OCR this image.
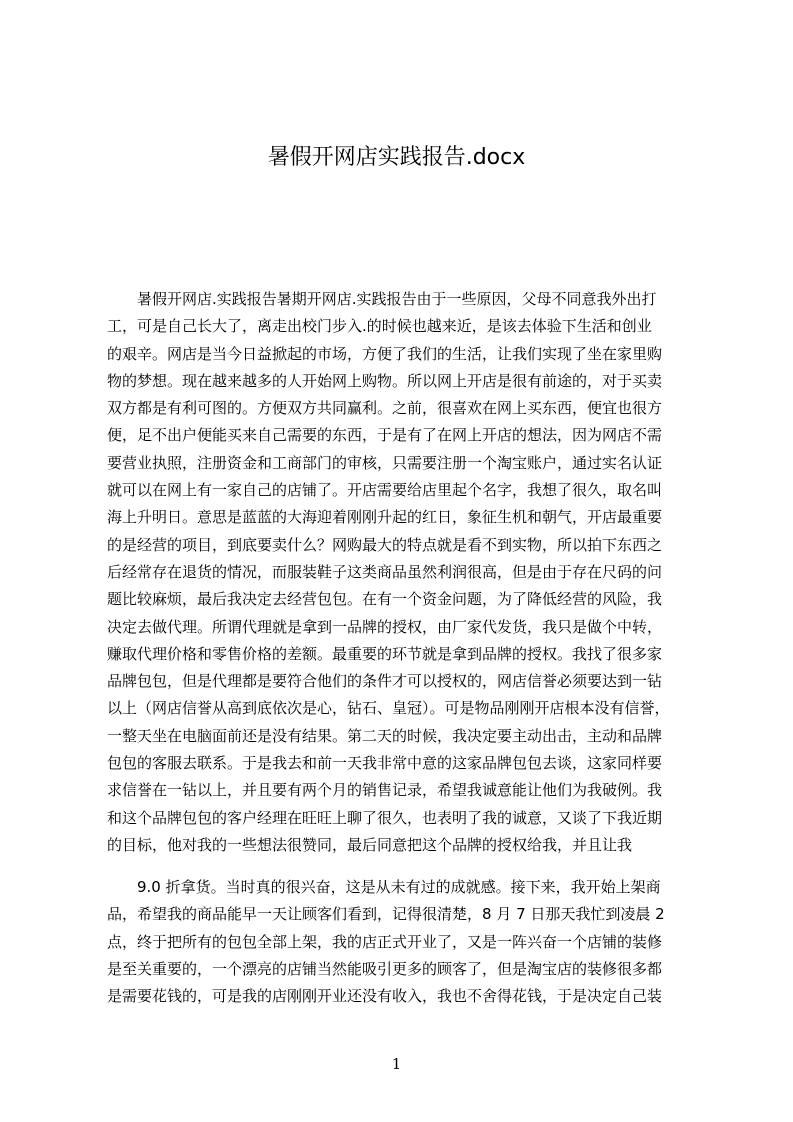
暑假开网店实践报告.docx
暑假开网店.实践报告暑期开网店.实践报告由于一些原因，父母不同意我外出打
工，可是自己长大了，离走出校门步入.的时候也越来近，是该去体验下生活和创业
的艰辛。网店是当今日益掀起的市场，方便了我们的生活，让我们实现了坐在家里购
物的梦想。现在越来越多的人开始网上购物。所以网上开店是很有前途的，对于买卖
双方都是有利可图的。方便双方共同赢利。之前，很喜欢在网上买东西，便宜也很方
便，足不出户便能买来自己需要的东西，于是有了在网上开店的想法，因为网店不需
要营业执照，注册资金和工商部门的审核，只需要注册一个淘宝账户，通过实名认证
就可以在网上有一家自己的店铺了。开店需要给店里起个名字，我想了很久，取名叫
海上升明日。意思是蓝蓝的大海迎着刚刚升起的红日，象征生机和朝气，开店最重要
的是经营的项目，到底要卖什么？网购最大的特点就是看不到实物，所以拍下东西之
后经常存在退货的情况，而服装鞋子这类商品虽然利润很高，但是由于存在尺码的问
题比较麻烦，最后我决定去经营包包。在有一个资金问题，为了降低经营的风险，我
决定去做代理。所谓代理就是拿到一品牌的授权，由厂家代发货，我只是做个中转，
赚取代理价格和零售价格的差额。最重要的环节就是拿到品牌的授权。我找了很多家
品牌包包，但是代理都是要符合他们的条件才可以授权的，网店信誉必须要达到一钻
以上（网店信誉从高到底依次是心，钻石、皇冠）。可是物品刚刚开店根本没有信誉，
一整天坐在电脑面前还是没有结果。第二天的时候，我决定要主动出击，主动和品牌
包包的客服去联系。于是我去和前一天我非常中意的这家品牌包包去谈，这家同样要
求信誉在一钻以上，并且要有两个月的销售记录，希望我诚意能让他们为我破例。我
和这个品牌包包的客户经理在旺旺上聊了很久，也表明了我的诚意，又谈了下我近期
的目标，他对我的一些想法很赞同，最后同意把这个品牌的授权给我，并且让我
9.0 折拿货。当时真的很兴奋，这是从未有过的成就感。接下来，我开始上架商
品，希望我的商品能早一天让顾客们看到，记得很清楚，8 月 7 日那天我忙到凌晨 2
点，终于把所有的包包全部上架，我的店正式开业了，又是一阵兴奋一个店铺的装修
是至关重要的，一个漂亮的店铺当然能吸引更多的顾客了，但是淘宝店的装修很多都
是需要花钱的，可是我的店刚刚开业还没有收入，我也不舍得花钱，于是决定自己装
1
